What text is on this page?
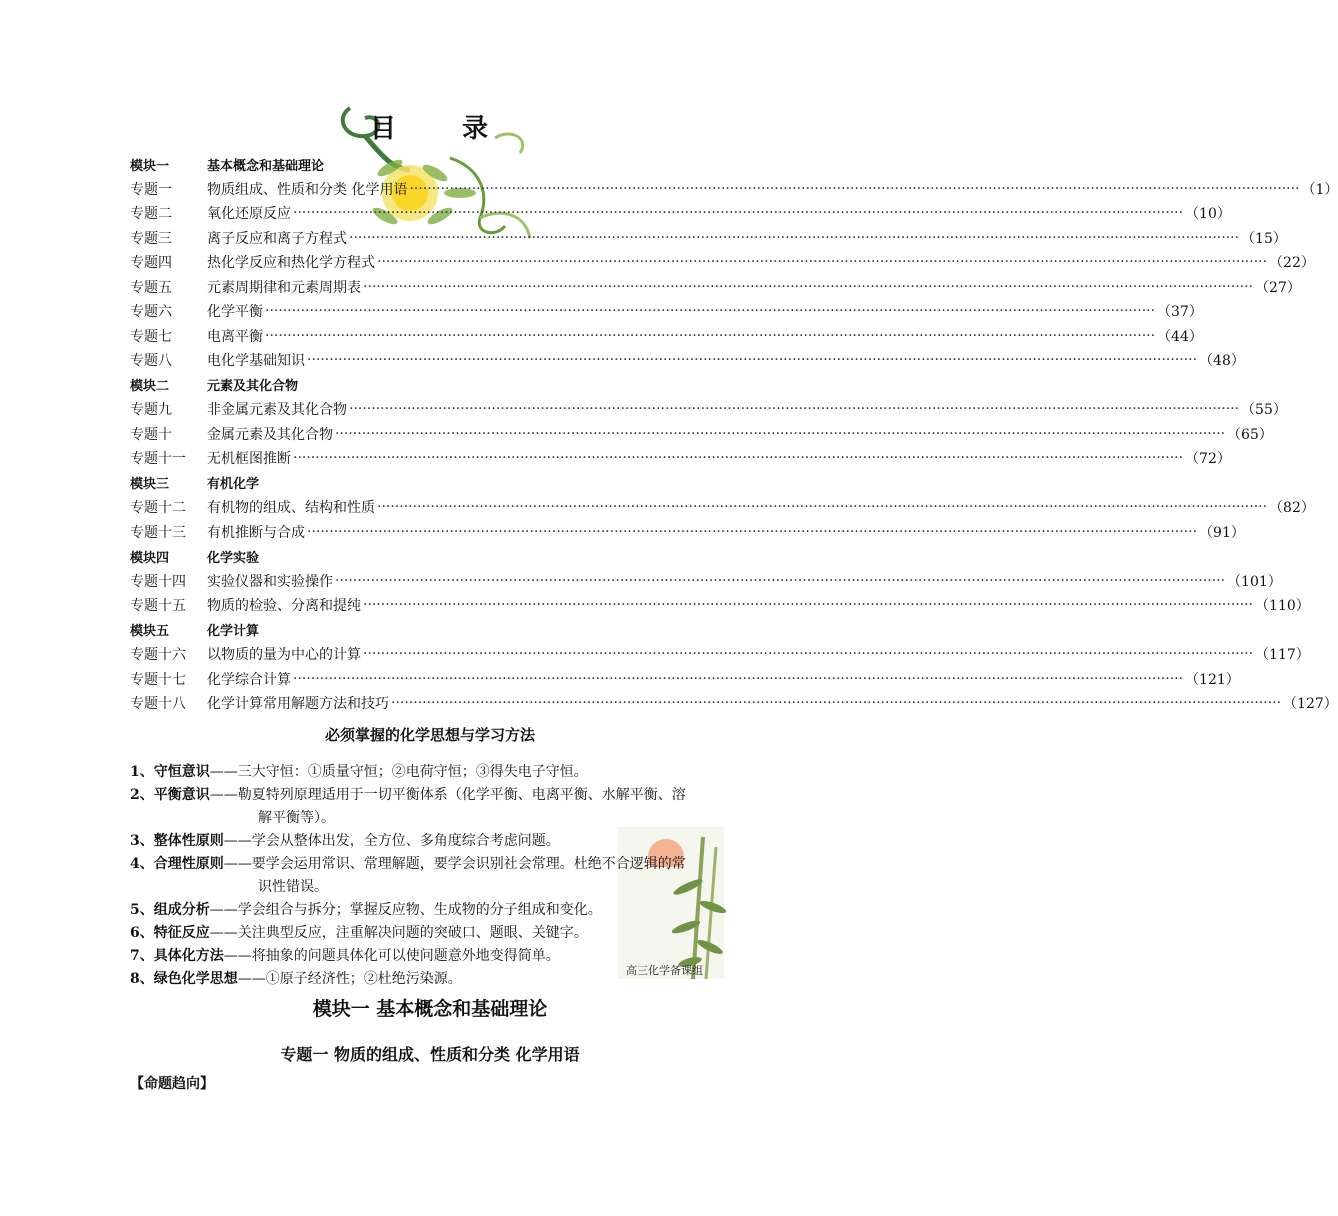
目 录
模块一	基本概念和基础理论
专题一	物质组成、性质和分类 化学用语 ········································································································································································································ （1）
专题二	氧化还原反应 ········································································································································································································ （10）
专题三	离子反应和离子方程式 ········································································································································································································ （15）
专题四	热化学反应和热化学方程式 ········································································································································································································ （22）
专题五	元素周期律和元素周期表 ········································································································································································································ （27）
专题六	化学平衡 ········································································································································································································ （37）
专题七	电离平衡 ········································································································································································································ （44）
专题八	电化学基础知识 ········································································································································································································ （48）
模块二	元素及其化合物
专题九	非金属元素及其化合物 ········································································································································································································ （55）
专题十	金属元素及其化合物 ········································································································································································································ （65）
专题十一	无机框图推断 ········································································································································································································ （72）
模块三	有机化学
专题十二	有机物的组成、结构和性质 ········································································································································································································ （82）
专题十三	有机推断与合成 ········································································································································································································ （91）
模块四	化学实验
专题十四	实验仪器和实验操作 ········································································································································································································ （101）
专题十五	物质的检验、分离和提纯 ········································································································································································································ （110）
模块五	化学计算
专题十六	以物质的量为中心的计算 ········································································································································································································ （117）
专题十七	化学综合计算 ········································································································································································································ （121）
专题十八	化学计算常用解题方法和技巧 ········································································································································································································ （127）
必须掌握的化学思想与学习方法
1、守恒意识——三大守恒：①质量守恒；②电荷守恒；③得失电子守恒。
2、平衡意识——勒夏特列原理适用于一切平衡体系（化学平衡、电离平衡、水解平衡、溶
解平衡等）。
3、整体性原则——学会从整体出发，全方位、多角度综合考虑问题。
4、合理性原则——要学会运用常识、常理解题，要学会识别社会常理。杜绝不合逻辑的常
识性错误。
5、组成分析——学会组合与拆分；掌握反应物、生成物的分子组成和变化。
6、特征反应——关注典型反应，注重解决问题的突破口、题眼、关键字。
7、具体化方法——将抽象的问题具体化可以使问题意外地变得简单。
8、绿色化学思想——①原子经济性；②杜绝污染源。
高三化学备课组
模块一 基本概念和基础理论
专题一 物质的组成、性质和分类 化学用语
【命题趋向】
